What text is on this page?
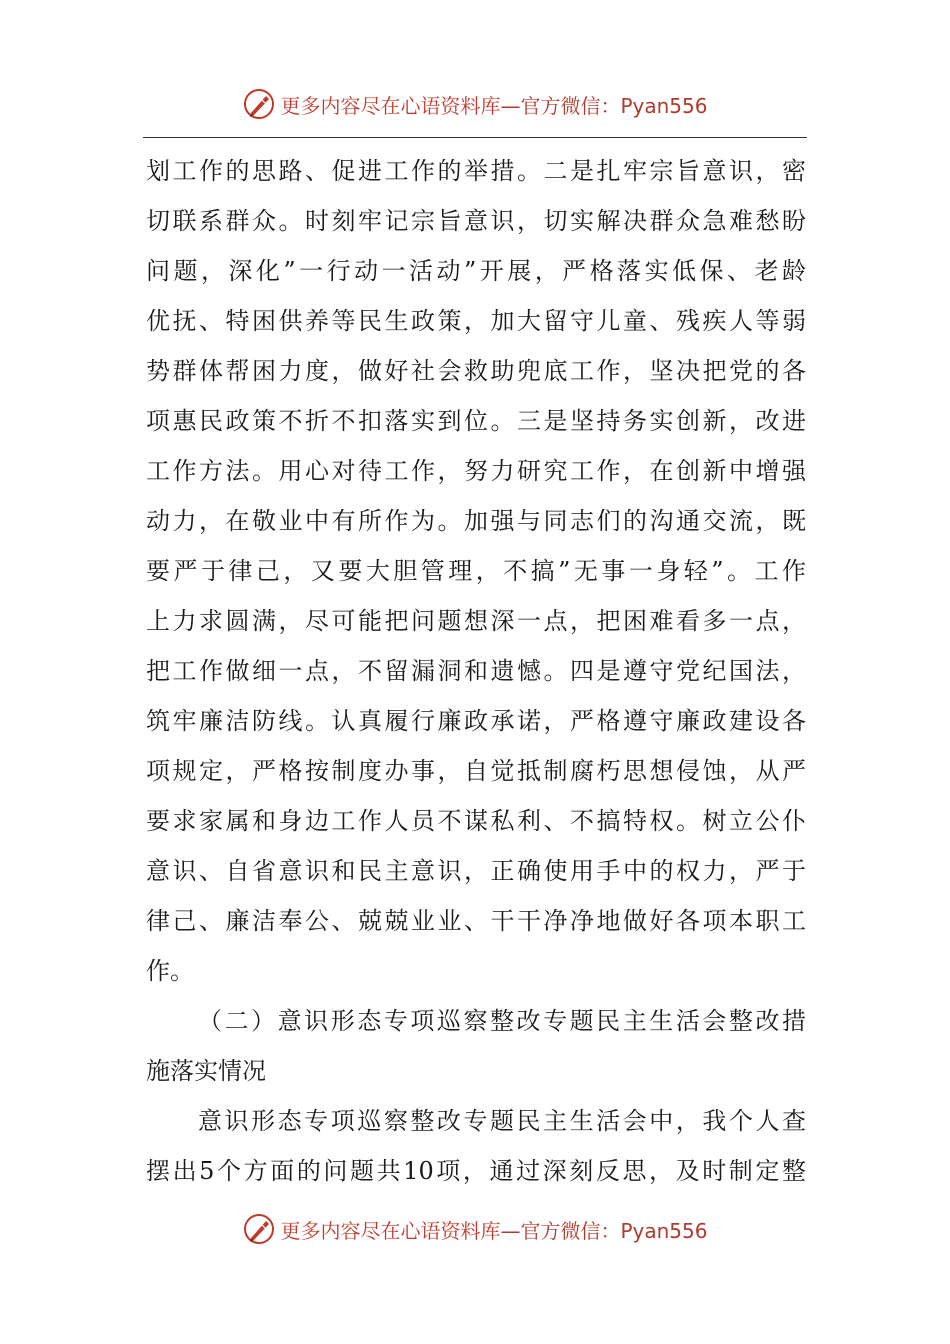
更多内容尽在心语资料库 —官方微信：Pyan556
划工作的思路、促进工作的举措。二是扎牢宗旨意识，密
切联系群众。时刻牢记宗旨意识，切实解决群众急难愁盼
问题，深化”一行动一活动”开展，严格落实低保、老龄
优抚、特困供养等民生政策，加大留守儿童、残疾人等弱
势群体帮困力度，做好社会救助兜底工作，坚决把党的各
项惠民政策不折不扣落实到位。三是坚持务实创新，改进
工作方法。用心对待工作，努力研究工作，在创新中增强
动力，在敬业中有所作为。加强与同志们的沟通交流，既
要严于律己，又要大胆管理，不搞”无事一身轻”。工作
上力求圆满，尽可能把问题想深一点，把困难看多一点，
把工作做细一点，不留漏洞和遗憾。四是遵守党纪国法，
筑牢廉洁防线。认真履行廉政承诺，严格遵守廉政建设各
项规定，严格按制度办事，自觉抵制腐朽思想侵蚀，从严
要求家属和身边工作人员不谋私利、不搞特权。树立公仆
意识、自省意识和民主意识，正确使用手中的权力，严于
律己、廉洁奉公、兢兢业业、干干净净地做好各项本职工
作。
（二）意识形态专项巡察整改专题民主生活会整改措
施落实情况
意识形态专项巡察整改专题民主生活会中，我个人查
摆出5个方面的问题共10项，通过深刻反思，及时制定整
更多内容尽在心语资料库 —官方微信：Pyan556
